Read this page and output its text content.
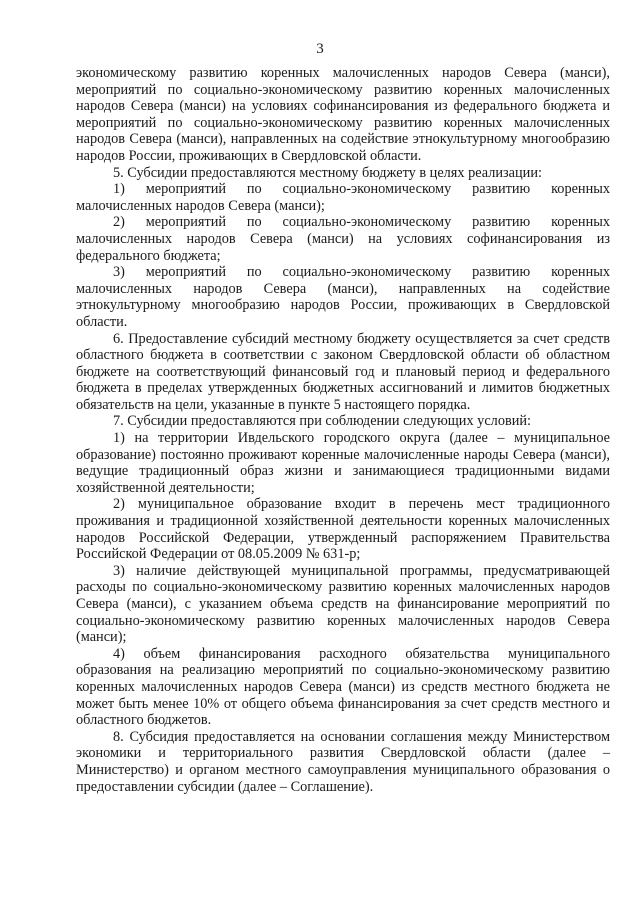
3

экономическому развитию коренных малочисленных народов Севера (манси), мероприятий по социально-экономическому развитию коренных малочисленных народов Севера (манси) на условиях софинансирования из федерального бюджета и мероприятий по социально-экономическому развитию коренных малочисленных народов Севера (манси), направленных на содействие этнокультурному многообразию народов России, проживающих в Свердловской области.

5. Субсидии предоставляются местному бюджету в целях реализации:

1) мероприятий по социально-экономическому развитию коренных малочисленных народов Севера (манси);

2) мероприятий по социально-экономическому развитию коренных малочисленных народов Севера (манси) на условиях софинансирования из федерального бюджета;

3) мероприятий по социально-экономическому развитию коренных малочисленных народов Севера (манси), направленных на содействие этнокультурному многообразию народов России, проживающих в Свердловской области.

6. Предоставление субсидий местному бюджету осуществляется за счет средств областного бюджета в соответствии с законом Свердловской области об областном бюджете на соответствующий финансовый год и плановый период и федерального бюджета в пределах утвержденных бюджетных ассигнований и лимитов бюджетных обязательств на цели, указанные в пункте 5 настоящего порядка.

7. Субсидии предоставляются при соблюдении следующих условий:

1) на территории Ивдельского городского округа (далее – муниципальное образование) постоянно проживают коренные малочисленные народы Севера (манси), ведущие традиционный образ жизни и занимающиеся традиционными видами хозяйственной деятельности;

2) муниципальное образование входит в перечень мест традиционного проживания и традиционной хозяйственной деятельности коренных малочисленных народов Российской Федерации, утвержденный распоряжением Правительства Российской Федерации от 08.05.2009 № 631-р;

3) наличие действующей муниципальной программы, предусматривающей расходы по социально-экономическому развитию коренных малочисленных народов Севера (манси), с указанием объема средств на финансирование мероприятий по социально-экономическому развитию коренных малочисленных народов Севера (манси);

4) объем финансирования расходного обязательства муниципального образования на реализацию мероприятий по социально-экономическому развитию коренных малочисленных народов Севера (манси) из средств местного бюджета не может быть менее 10% от общего объема финансирования за счет средств местного и областного бюджетов.

8. Субсидия предоставляется на основании соглашения между Министерством экономики и территориального развития Свердловской области (далее – Министерство) и органом местного самоуправления муниципального образования о предоставлении субсидии (далее – Соглашение).
